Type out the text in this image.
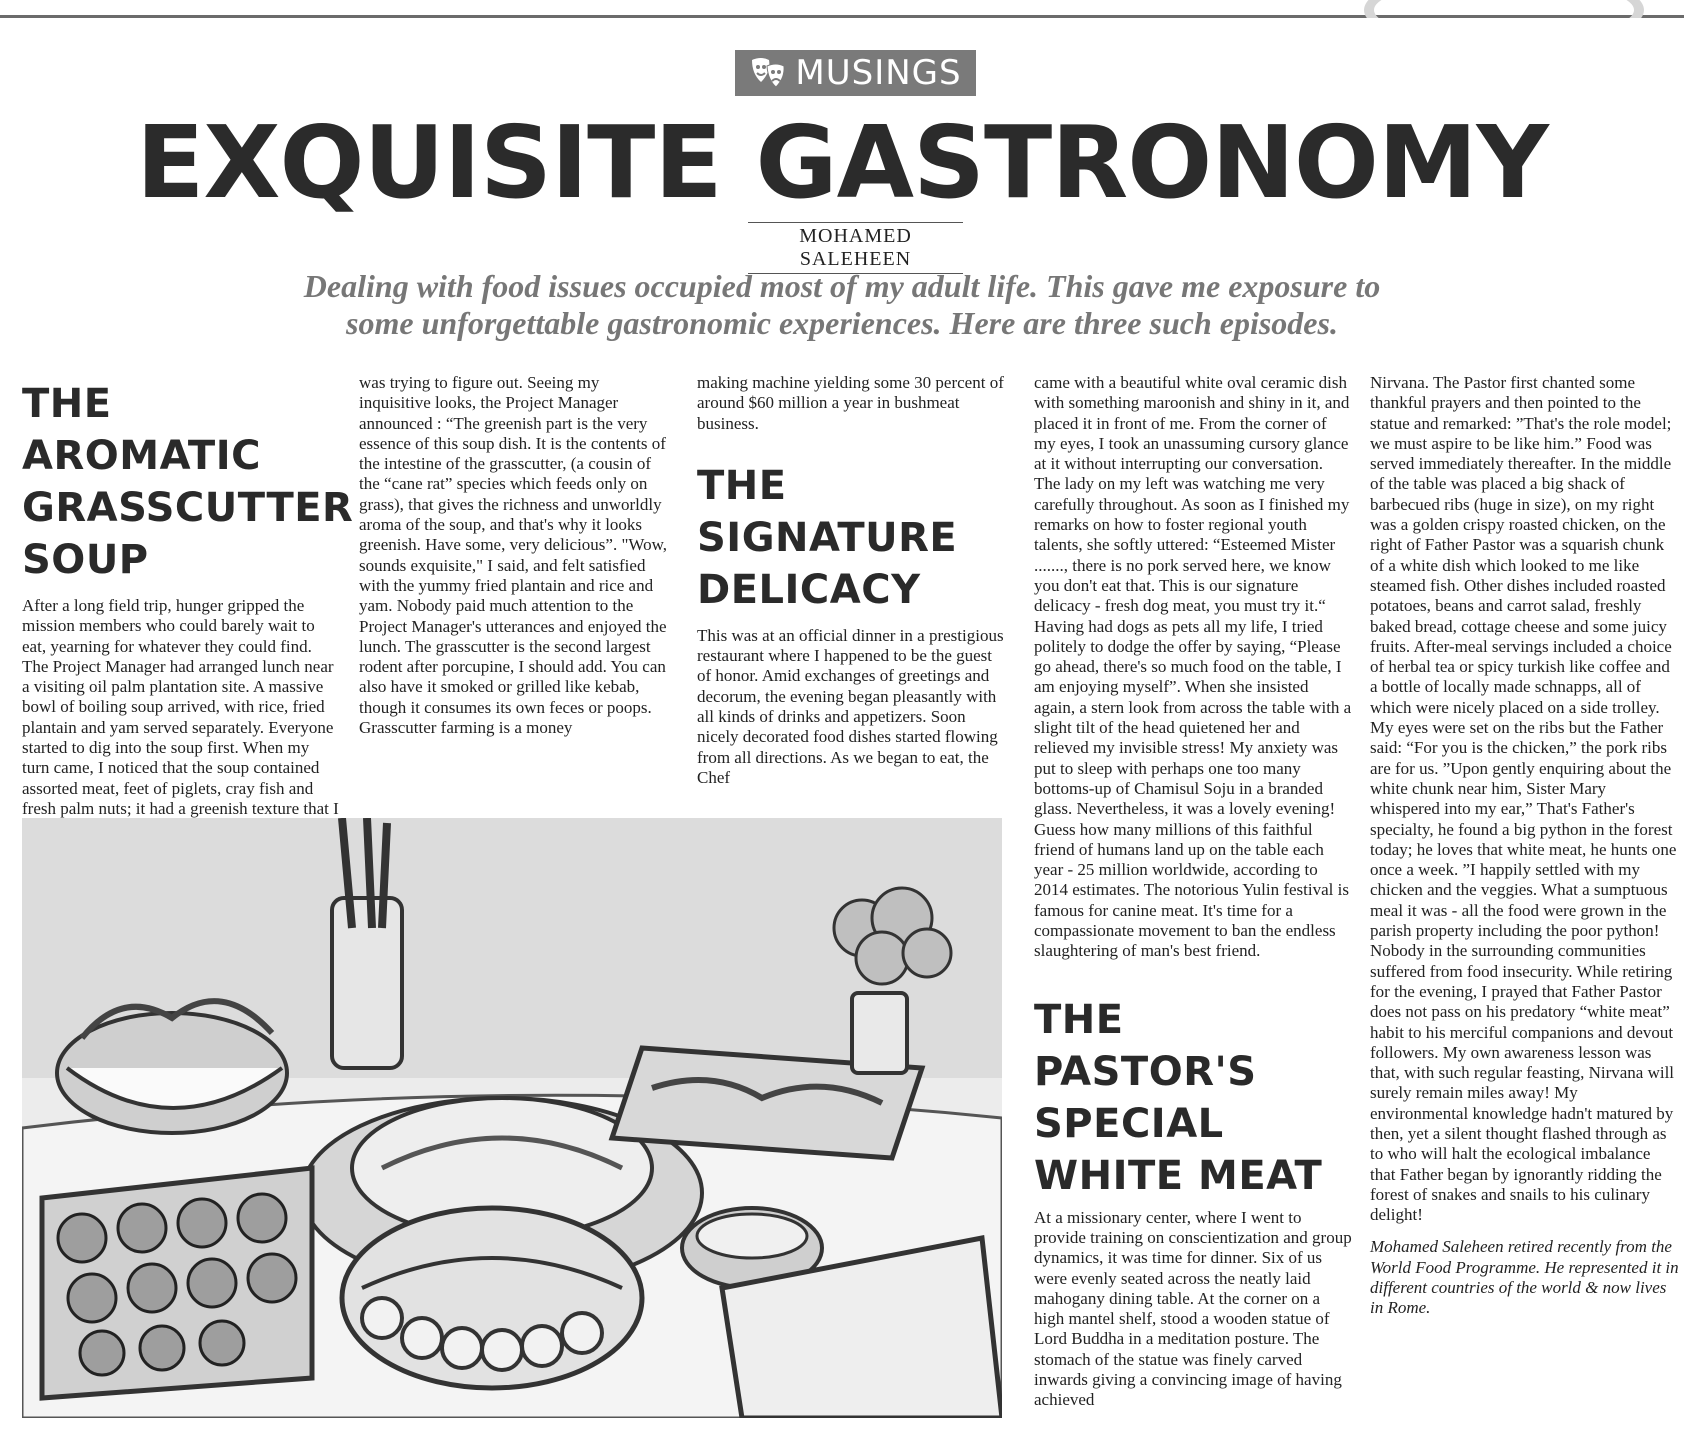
MUSINGS
EXQUISITE GASTRONOMY
MOHAMED SALEHEEN
Dealing with food issues occupied most of my adult life. This gave me exposure to
some unforgettable gastronomic experiences. Here are three such episodes.
THE AROMATIC GRASSCUTTER SOUP

After a long field trip, hunger gripped the mission members who could barely wait to eat, yearning for whatever they could find. The Project Manager had arranged lunch near a visiting oil palm plantation site. A massive bowl of boiling soup arrived, with rice, fried plantain and yam served separately. Everyone started to dig into the soup first. When my turn came, I noticed that the soup contained assorted meat, feet of piglets, cray fish and fresh palm nuts; it had a greenish texture that I

was trying to figure out. Seeing my inquisitive looks, the Project Manager announced : “The greenish part is the very essence of this soup dish. It is the contents of the intestine of the grasscutter, (a cousin of the “cane rat” species which feeds only on grass), that gives the richness and unworldly aroma of the soup, and that's why it looks greenish. Have some, very delicious”. "Wow, sounds exquisite," I said, and felt satisfied with the yummy fried plantain and rice and yam. Nobody paid much attention to the Project Manager's utterances and enjoyed the lunch. The grasscutter is the second largest rodent after porcupine, I should add. You can also have it smoked or grilled like kebab, though it consumes its own feces or poops. Grasscutter farming is a money

making machine yielding some 30 percent of around $60 million a year in bushmeat business.

THE SIGNATURE DELICACY

This was at an official dinner in a prestigious restaurant where I happened to be the guest of honor. Amid exchanges of greetings and decorum, the evening began pleasantly with all kinds of drinks and appetizers. Soon nicely decorated food dishes started flowing from all directions. As we began to eat, the Chef

came with a beautiful white oval ceramic dish with something maroonish and shiny in it, and placed it in front of me. From the corner of my eyes, I took an unassuming cursory glance at it without interrupting our conversation. The lady on my left was watching me very carefully throughout. As soon as I finished my remarks on how to foster regional youth talents, she softly uttered: “Esteemed Mister ......., there is no pork served here, we know you don't eat that. This is our signature delicacy - fresh dog meat, you must try it.“ Having had dogs as pets all my life, I tried politely to dodge the offer by saying, “Please go ahead, there's so much food on the table, I am enjoying myself”. When she insisted again, a stern look from across the table with a slight tilt of the head quietened her and relieved my invisible stress! My anxiety was put to sleep with perhaps one too many bottoms-up of Chamisul Soju in a branded glass. Nevertheless, it was a lovely evening! Guess how many millions of this faithful friend of humans land up on the table each year - 25 million worldwide, according to 2014 estimates. The notorious Yulin festival is famous for canine meat. It's time for a compassionate movement to ban the endless slaughtering of man's best friend.

THE PASTOR'S SPECIAL WHITE MEAT

At a missionary center, where I went to provide training on conscientization and group dynamics, it was time for dinner. Six of us were evenly seated across the neatly laid mahogany dining table. At the corner on a high mantel shelf, stood a wooden statue of Lord Buddha in a meditation posture. The stomach of the statue was finely carved inwards giving a convincing image of having achieved

Nirvana. The Pastor first chanted some thankful prayers and then pointed to the statue and remarked: ”That's the role model; we must aspire to be like him.” Food was served immediately thereafter. In the middle of the table was placed a big shack of barbecued ribs (huge in size), on my right was a golden crispy roasted chicken, on the right of Father Pastor was a squarish chunk of a white dish which looked to me like steamed fish. Other dishes included roasted potatoes, beans and carrot salad, freshly baked bread, cottage cheese and some juicy fruits. After-meal servings included a choice of herbal tea or spicy turkish like coffee and a bottle of locally made schnapps, all of which were nicely placed on a side trolley. My eyes were set on the ribs but the Father said: “For you is the chicken,” the pork ribs are for us. ”Upon gently enquiring about the white chunk near him, Sister Mary whispered into my ear,” That's Father's specialty, he found a big python in the forest today; he loves that white meat, he hunts one once a week. ”I happily settled with my chicken and the veggies. What a sumptuous meal it was - all the food were grown in the parish property including the poor python! Nobody in the surrounding communities suffered from food insecurity. While retiring for the evening, I prayed that Father Pastor does not pass on his predatory “white meat” habit to his merciful companions and devout followers. My own awareness lesson was that, with such regular feasting, Nirvana will surely remain miles away! My environmental knowledge hadn't matured by then, yet a silent thought flashed through as to who will halt the ecological imbalance that Father began by ignorantly ridding the forest of snakes and snails to his culinary delight!

Mohamed Saleheen retired recently from the World Food Programme. He represented it in different countries of the world & now lives in Rome.
